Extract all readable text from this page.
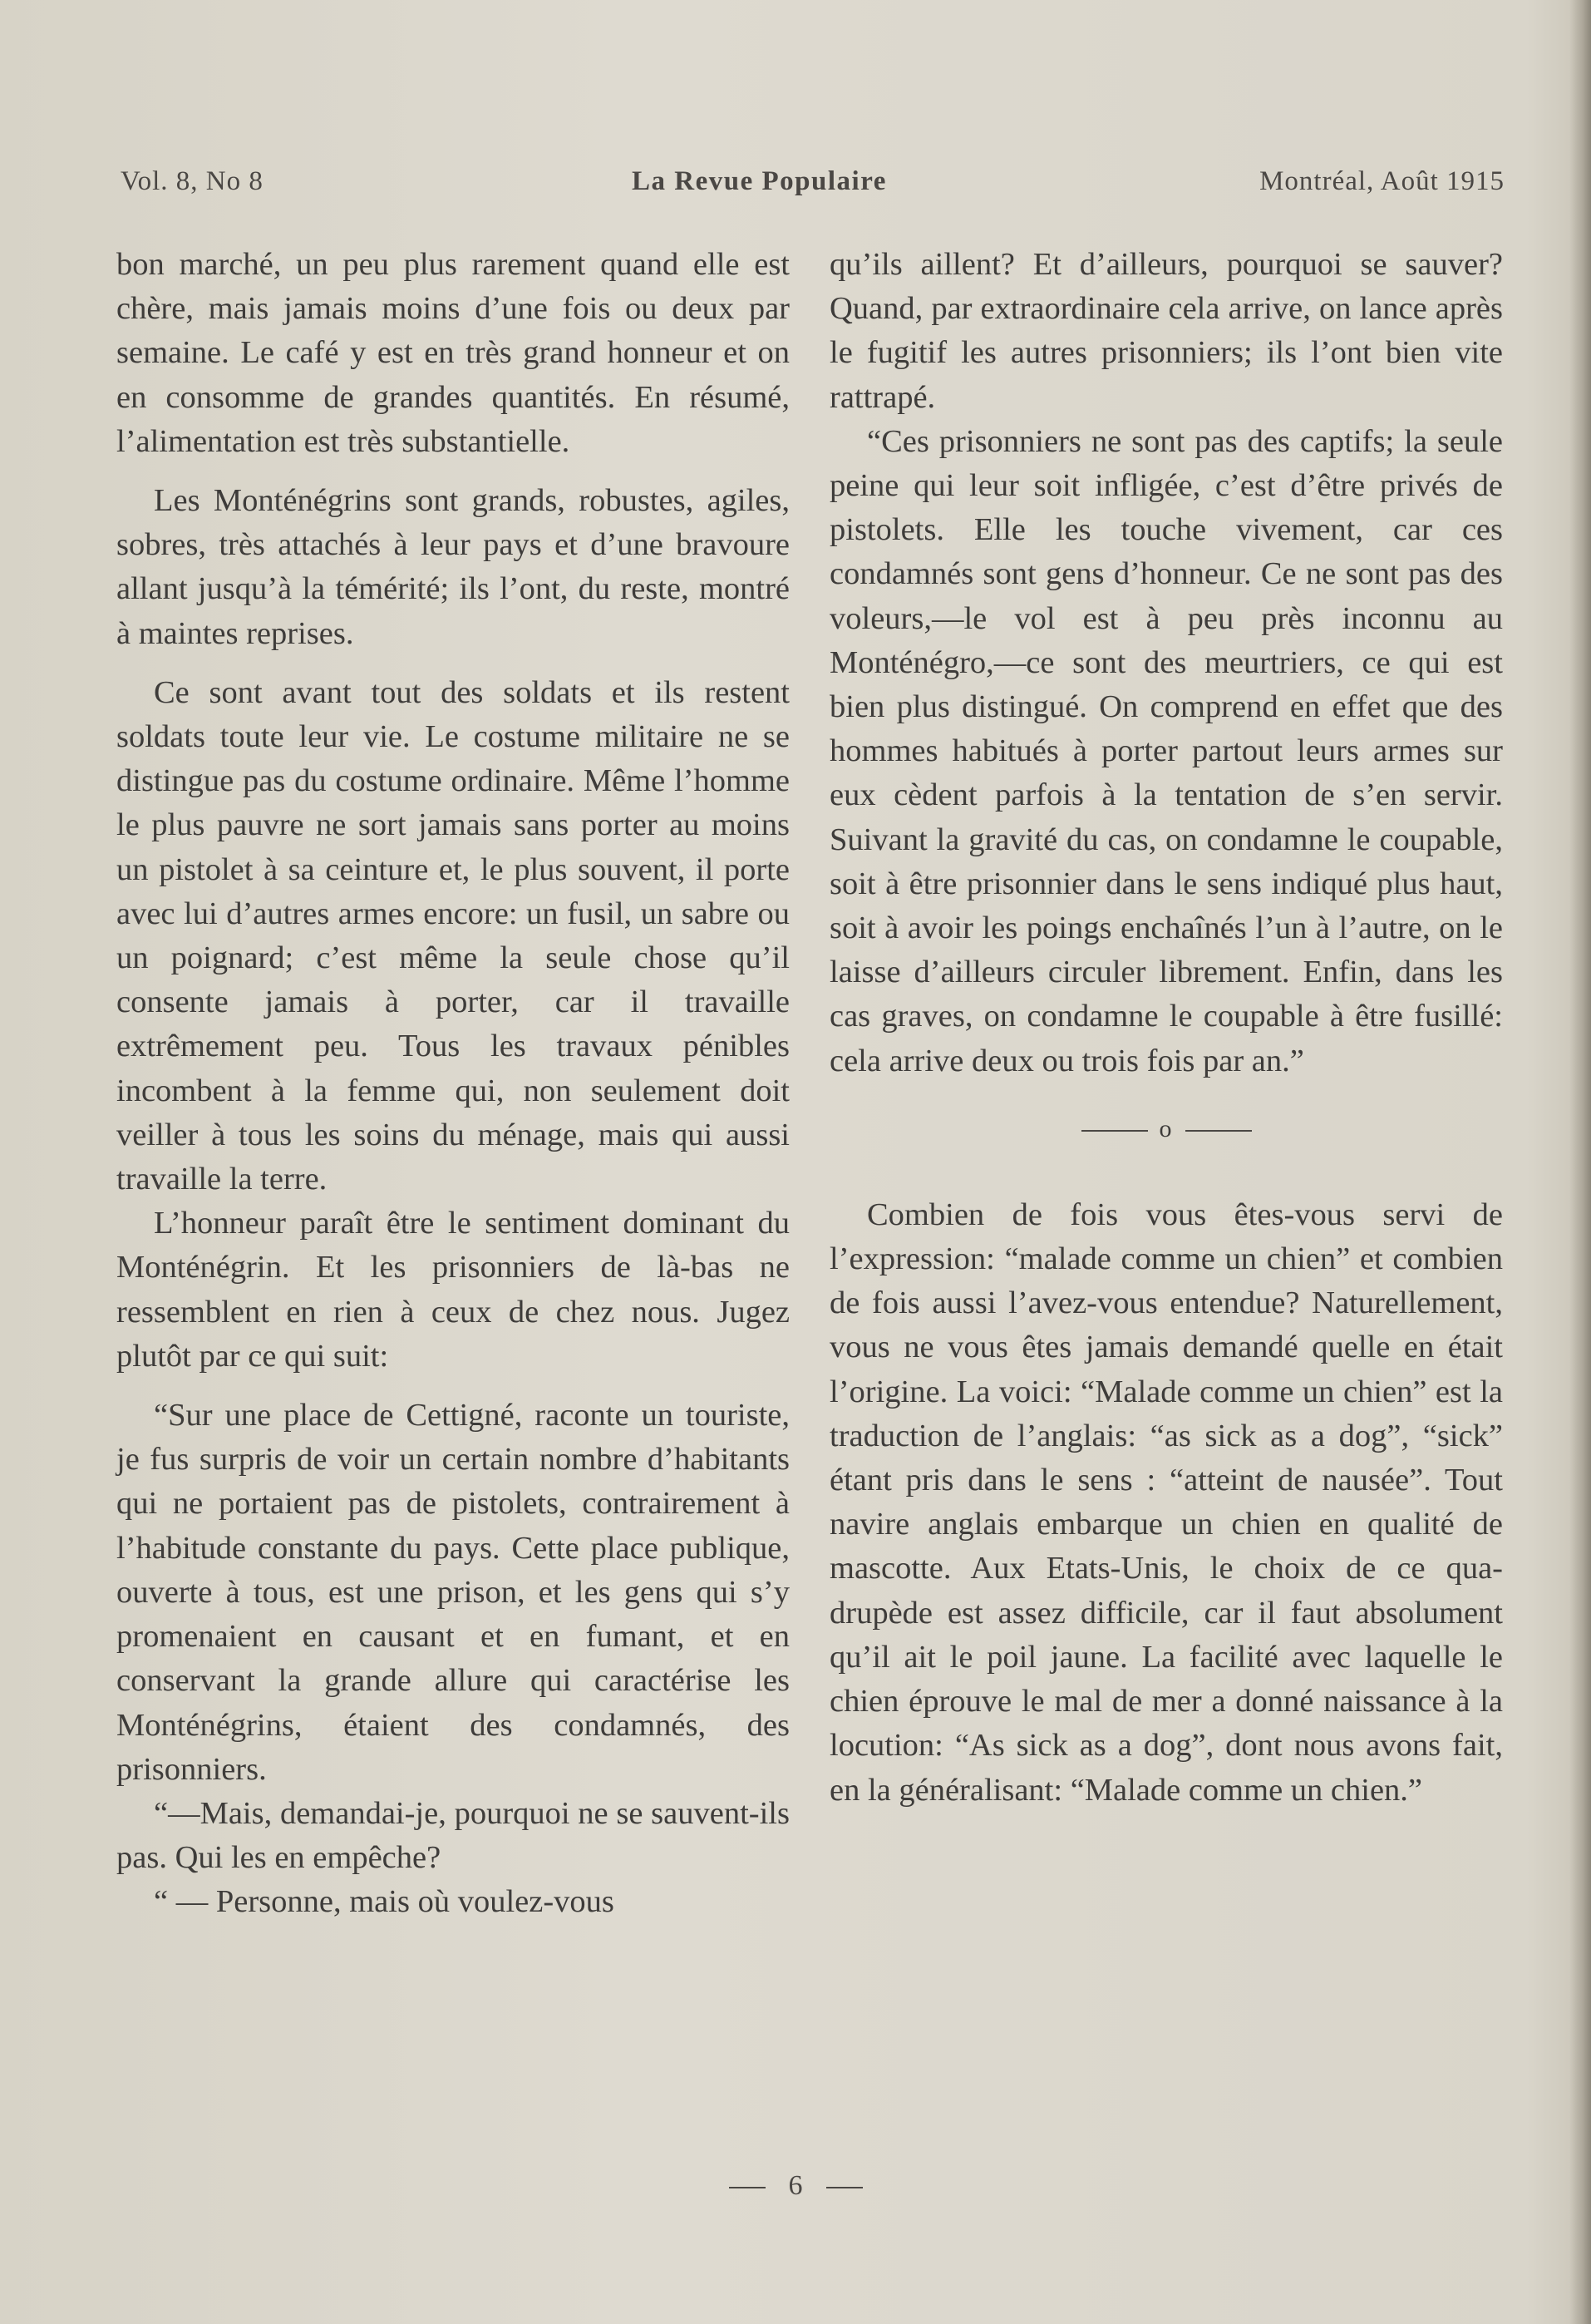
Vol. 8, No 8	La Revue Populaire	Montréal, Août 1915

bon marché, un peu plus rarement quand elle est chère, mais jamais moins d’une fois ou deux par semaine. Le café y est en très grand honneur et on en consomme de grandes quantités. En résumé, l’alimentation est très substantielle.

Les Monténégrins sont grands, robustes, agiles, sobres, très attachés à leur pays et d’une bravoure allant jusqu’à la témérité; ils l’ont, du reste, montré à maintes reprises.

Ce sont avant tout des soldats et ils restent soldats toute leur vie. Le costume militaire ne se distingue pas du costume ordinaire. Même l’homme le plus pauvre ne sort jamais sans porter au moins un pistolet à sa ceinture et, le plus souvent, il porte avec lui d’autres armes encore: un fusil, un sabre ou un poignard; c’est même la seule chose qu’il consente jamais à porter, car il travaille extrêmement peu. Tous les travaux pénibles incombent à la femme qui, non seulement doit veiller à tous les soins du ménage, mais qui aussi travaille la terre.

L’honneur paraît être le sentiment dominant du Monténégrin. Et les prisonniers de là-bas ne ressemblent en rien à ceux de chez nous. Jugez plutôt par ce qui suit:

“Sur une place de Cettigné, raconte un touriste, je fus surpris de voir un certain nombre d’habitants qui ne portaient pas de pistolets, contrairement à l’habitude constante du pays. Cette place publique, ouverte à tous, est une prison, et les gens qui s’y promenaient en causant et en fumant, et en conservant la grande allure qui caractérise les Monténégrins, étaient des condamnés, des prisonniers.

“—Mais, demandai-je, pourquoi ne se sauvent-ils pas. Qui les en empêche?

“ — Personne, mais où voulez-vous

qu’ils aillent? Et d’ailleurs, pourquoi se sauver? Quand, par extraordinaire cela arrive, on lance après le fugitif les autres prisonniers; ils l’ont bien vite rattrapé.

“Ces prisonniers ne sont pas des captifs; la seule peine qui leur soit infligée, c’est d’être privés de pistolets. Elle les touche vivement, car ces condamnés sont gens d’honneur. Ce ne sont pas des voleurs,—le vol est à peu près inconnu au Monténégro,—ce sont des meurtriers, ce qui est bien plus distingué. On comprend en effet que des hommes habitués à porter partout leurs armes sur eux cèdent parfois à la tentation de s’en servir. Suivant la gravité du cas, on condamne le coupable, soit à être prisonnier dans le sens indiqué plus haut, soit à avoir les poings enchaînés l’un à l’autre, on le laisse d’ailleurs circuler librement. Enfin, dans les cas graves, on condamne le coupable à être fusillé: cela arrive deux ou trois fois par an.”

o

Combien de fois vous êtes-vous servi de l’expression: “malade comme un chien” et combien de fois aussi l’avez-vous entendue? Naturellement, vous ne vous êtes jamais demandé quelle en était l’origine. La voici: “Malade comme un chien” est la traduction de l’anglais: “as sick as a dog”, “sick” étant pris dans le sens : “atteint de nausée”. Tout navire anglais embarque un chien en qualité de mascotte. Aux Etats-Unis, le choix de ce quadrupède est assez difficile, car il faut absolument qu’il ait le poil jaune. La facilité avec laquelle le chien éprouve le mal de mer a donné naissance à la locution: “As sick as a dog”, dont nous avons fait, en la généralisant: “Malade comme un chien.”

6
